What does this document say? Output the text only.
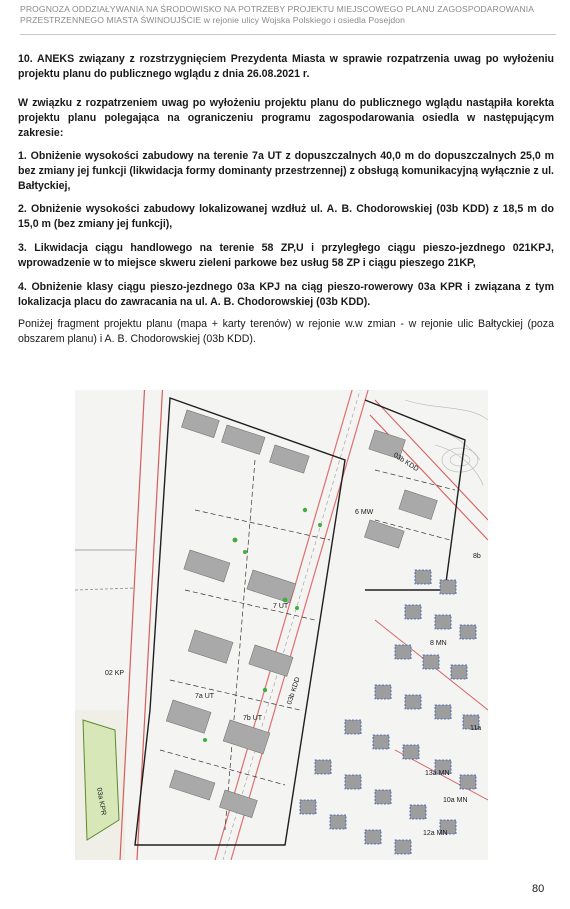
PROGNOZA ODDZIAŁYWANIA NA ŚRODOWISKO NA POTRZEBY PROJEKTU MIEJSCOWEGO PLANU ZAGOSPODAROWANIA
PRZESTRZENNEGO MIASTA ŚWINOUJŚCIE w rejonie ulicy Wojska Polskiego i osiedla Posejdon

10. ANEKS związany z rozstrzygnięciem Prezydenta Miasta w sprawie rozpatrzenia uwag po wyłożeniu projektu planu do publicznego wglądu z dnia 26.08.2021 r.

W związku z rozpatrzeniem uwag po wyłożeniu projektu planu do publicznego wglądu nastąpiła korekta projektu planu polegająca na ograniczeniu programu zagospodarowania osiedla w następującym zakresie:

1. Obniżenie wysokości zabudowy na terenie 7a UT z dopuszczalnych 40,0 m do dopuszczalnych 25,0 m bez zmiany jej funkcji (likwidacja formy dominanty przestrzennej) z obsługą komunikacyjną wyłącznie z ul. Bałtyckiej,

2. Obniżenie wysokości zabudowy lokalizowanej wzdłuż ul. A. B. Chodorowskiej (03b KDD) z 18,5 m do 15,0 m (bez zmiany jej funkcji),

3. Likwidacja ciągu handlowego na terenie 58 ZP,U i przyległego ciągu pieszo-jezdnego 021KPJ, wprowadzenie w to miejsce skweru zieleni parkowe bez usług 58 ZP i ciągu pieszego 21KP,

4. Obniżenie klasy ciągu pieszo-jezdnego 03a KPJ na ciąg pieszo-rowerowy 03a KPR i związana z tym lokalizacja placu do zawracania na ul. A. B. Chodorowskiej (03b KDD).

Poniżej fragment projektu planu (mapa + karty terenów) w rejonie w.w zmian - w rejonie ulic Bałtyckiej (poza obszarem planu) i A. B. Chodorowskiej (03b KDD).

6 MW
7 UT
7a UT
7b UT
02 KP
13a MN
10a MN
12a MN
8 MN
11a
8b
03b KDD
03b KDD
03a KPR
80
